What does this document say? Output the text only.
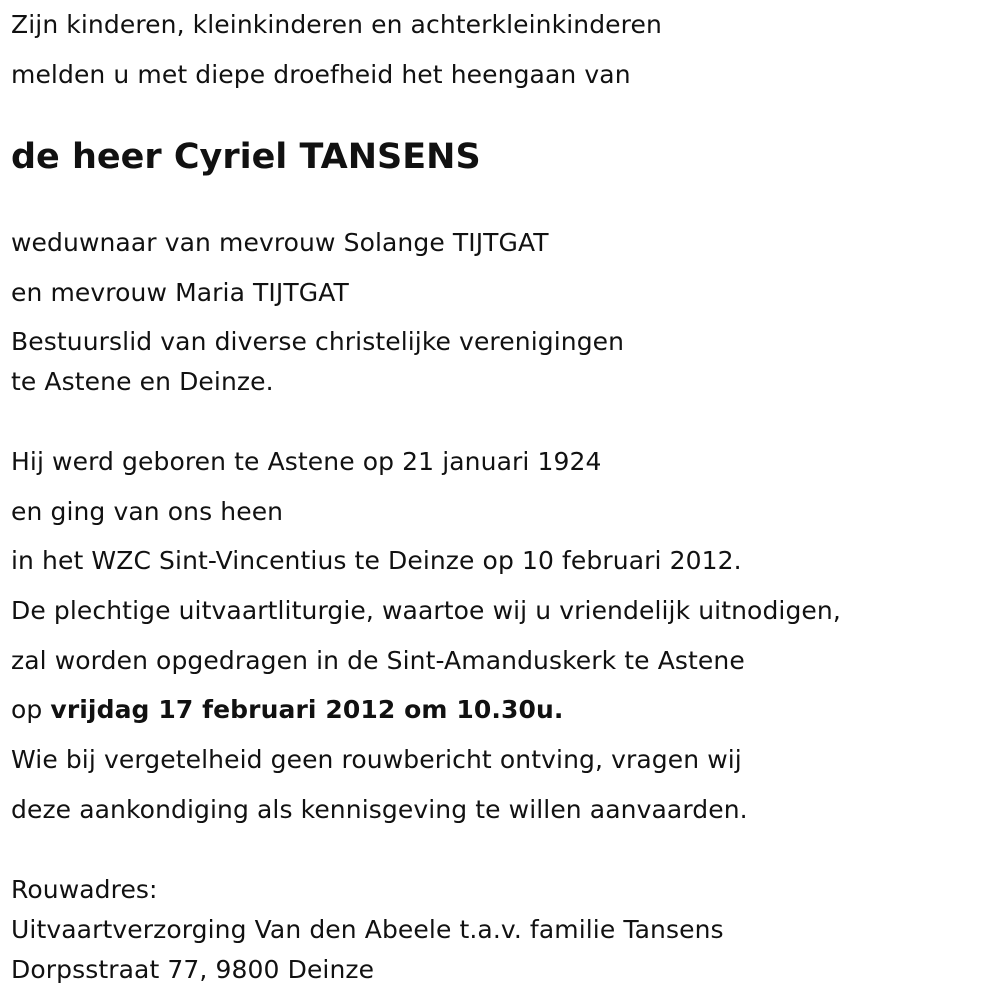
Zijn kinderen, kleinkinderen en achterkleinkinderen
melden u met diepe droefheid het heengaan van
de heer Cyriel TANSENS
weduwnaar van mevrouw Solange TIJTGAT
en mevrouw Maria TIJTGAT
Bestuurslid van diverse christelijke verenigingen
te Astene en Deinze.
Hij werd geboren te Astene op 21 januari 1924
en ging van ons heen
in het WZC Sint-Vincentius te Deinze op 10 februari 2012.
De plechtige uitvaartliturgie, waartoe wij u vriendelijk uitnodigen,
zal worden opgedragen in de Sint-Amanduskerk te Astene
op vrijdag 17 februari 2012 om 10.30u.
Wie bij vergetelheid geen rouwbericht ontving, vragen wij
deze aankondiging als kennisgeving te willen aanvaarden.
Rouwadres:
Uitvaartverzorging Van den Abeele t.a.v. familie Tansens
Dorpsstraat 77, 9800 Deinze
